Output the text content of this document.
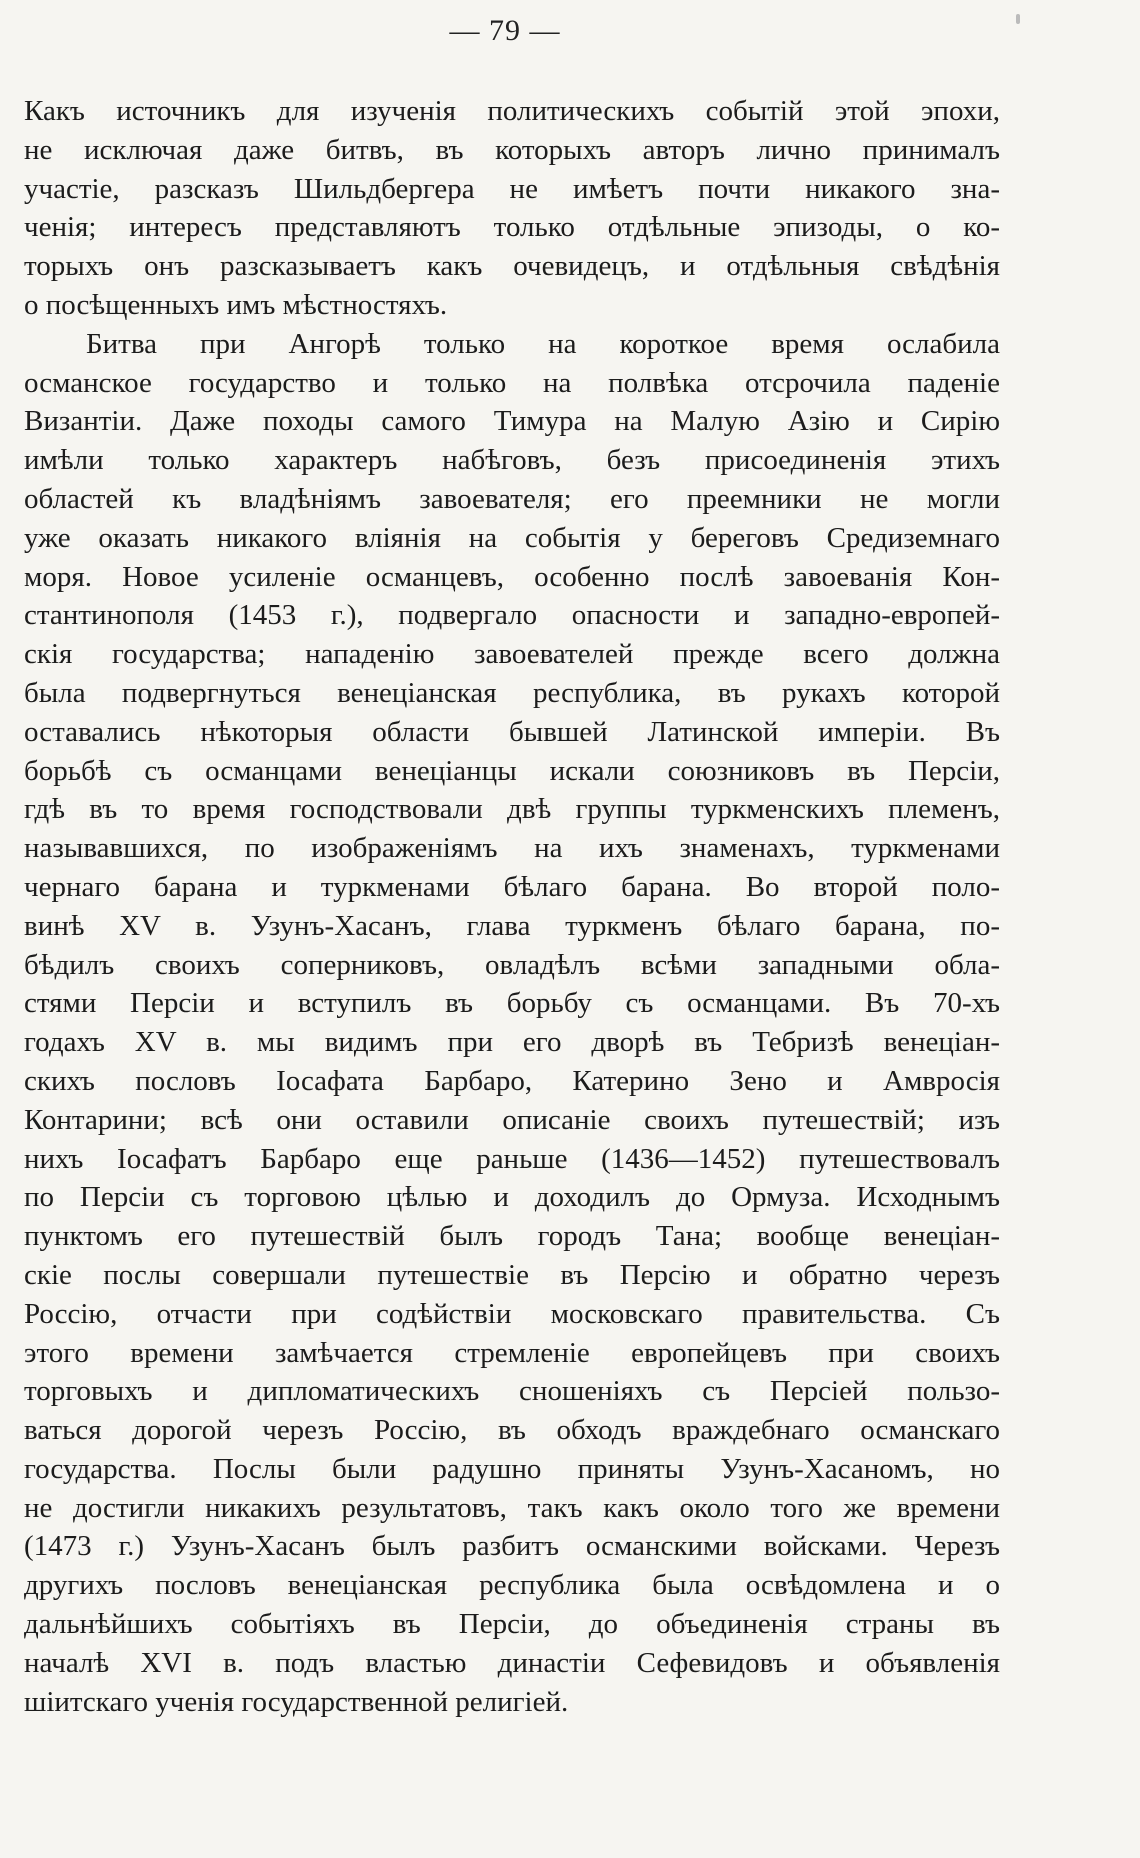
— 79 —
Какъ источникъ для изученія политическихъ событій этой эпохи,
не исключая даже битвъ, въ которыхъ авторъ лично принималъ
участіе, разсказъ Шильдбергера не имѣетъ почти никакого зна-
ченія; интересъ представляютъ только отдѣльные эпизоды, о ко-
торыхъ онъ разсказываетъ какъ очевидецъ, и отдѣльныя свѣдѣнія
о посѣщенныхъ имъ мѣстностяхъ.
Битва при Ангорѣ только на короткое время ослабила
османское государство и только на полвѣка отсрочила паденіе
Византіи. Даже походы самого Тимура на Малую Азію и Сирію
имѣли только характеръ набѣговъ, безъ присоединенія этихъ
областей къ владѣніямъ завоевателя; его преемники не могли
уже оказать никакого вліянія на событія у береговъ Средиземнаго
моря. Новое усиленіе османцевъ, особенно послѣ завоеванія Кон-
стантинополя (1453 г.), подвергало опасности и западно-европей-
скія государства; нападенію завоевателей прежде всего должна
была подвергнуться венеціанская республика, въ рукахъ которой
оставались нѣкоторыя области бывшей Латинской имперіи. Въ
борьбѣ съ османцами венеціанцы искали союзниковъ въ Персіи,
гдѣ въ то время господствовали двѣ группы туркменскихъ племенъ,
называвшихся, по изображеніямъ на ихъ знаменахъ, туркменами
чернаго барана и туркменами бѣлаго барана. Во второй поло-
винѣ XV в. Узунъ-Хасанъ, глава туркменъ бѣлаго барана, по-
бѣдилъ своихъ соперниковъ, овладѣлъ всѣми западными обла-
стями Персіи и вступилъ въ борьбу съ османцами. Въ 70-хъ
годахъ XV в. мы видимъ при его дворѣ въ Тебризѣ венеціан-
скихъ пословъ Іосафата Барбаро, Катерино Зено и Амвросія
Контарини; всѣ они оставили описаніе своихъ путешествій; изъ
нихъ Іосафатъ Барбаро еще раньше (1436—1452) путешествовалъ
по Персіи съ торговою цѣлью и доходилъ до Ормуза. Исходнымъ
пунктомъ его путешествій былъ городъ Тана; вообще венеціан-
скіе послы совершали путешествіе въ Персію и обратно черезъ
Россію, отчасти при содѣйствіи московскаго правительства. Съ
этого времени замѣчается стремленіе европейцевъ при своихъ
торговыхъ и дипломатическихъ сношеніяхъ съ Персіей пользо-
ваться дорогой черезъ Россію, въ обходъ враждебнаго османскаго
государства. Послы были радушно приняты Узунъ-Хасаномъ, но
не достигли никакихъ результатовъ, такъ какъ около того же времени
(1473 г.) Узунъ-Хасанъ былъ разбитъ османскими войсками. Черезъ
другихъ пословъ венеціанская республика была освѣдомлена и о
дальнѣйшихъ событіяхъ въ Персіи, до объединенія страны въ
началѣ XVI в. подъ властью династіи Сефевидовъ и объявленія
шіитскаго ученія государственной религіей.
